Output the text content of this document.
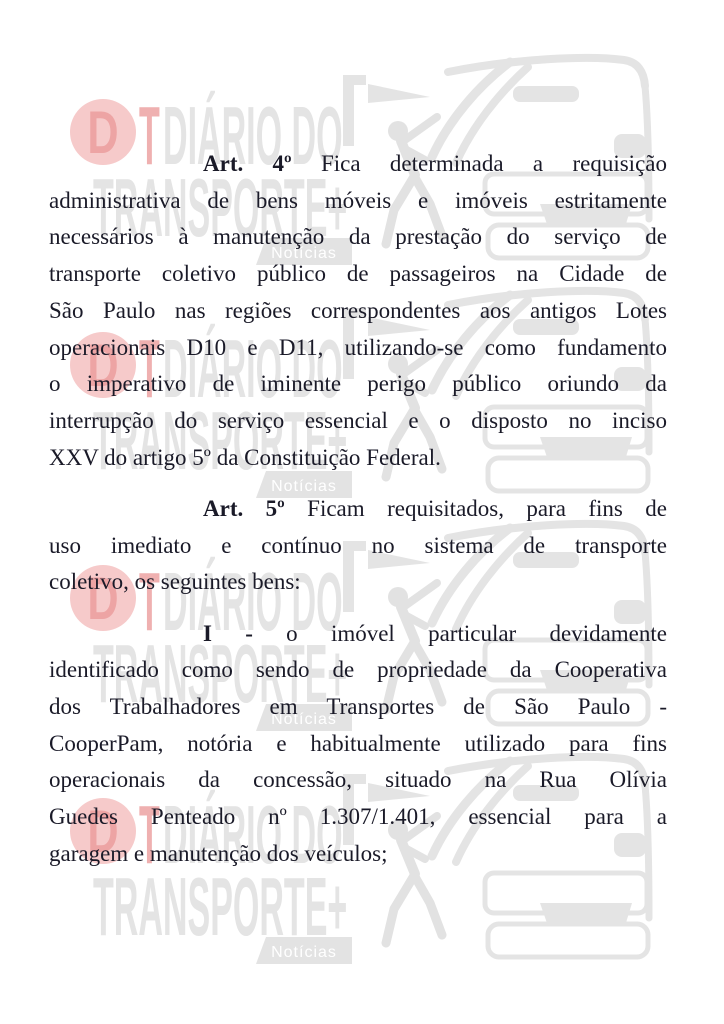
Art. 4º Fica determinada a requisição
administrativa de bens móveis e imóveis estritamente
necessários à manutenção da prestação do serviço de
transporte coletivo público de passageiros na Cidade de
São Paulo nas regiões correspondentes aos antigos Lotes
operacionais D10 e D11, utilizando-se como fundamento
o imperativo de iminente perigo público oriundo da
interrupção do serviço essencial e o disposto no inciso
XXV do artigo 5º da Constituição Federal.
Art. 5º Ficam requisitados, para fins de
uso imediato e contínuo no sistema de transporte
coletivo, os seguintes bens:
I - o imóvel particular devidamente
identificado como sendo de propriedade da Cooperativa
dos Trabalhadores em Transportes de São Paulo -
CooperPam, notória e habitualmente utilizado para fins
operacionais da concessão, situado na Rua Olívia
Guedes Penteado nº 1.307/1.401, essencial para a
garagem e manutenção dos veículos;
